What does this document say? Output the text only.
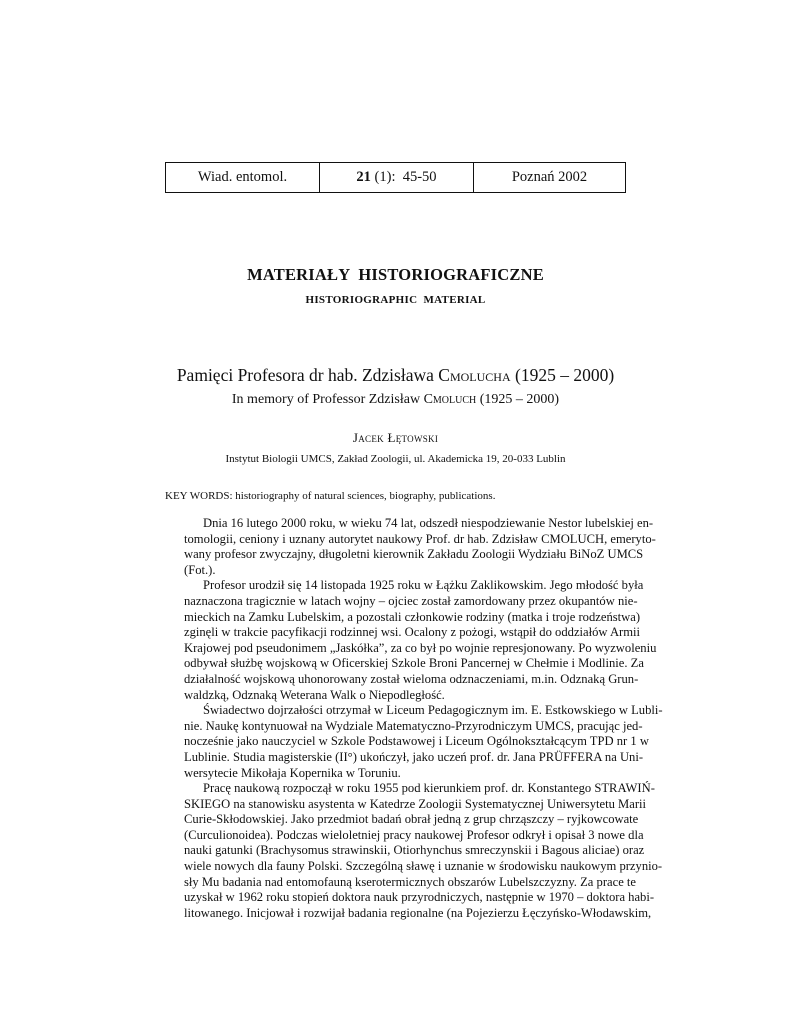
Wiad. entomol.	21 (1):  45-50	Poznań 2002
MATERIAŁY  HISTORIOGRAFICZNE
HISTORIOGRAPHIC  MATERIAL
Pamięci Profesora dr hab. Zdzisława Cmolucha (1925 – 2000)
In memory of Professor Zdzisław Cmoluch (1925 – 2000)
Jacek Łętowski
Instytut Biologii UMCS, Zakład Zoologii, ul. Akademicka 19, 20-033 Lublin
KEY WORDS: historiography of natural sciences, biography, publications.
Dnia 16 lutego 2000 roku, w wieku 74 lat, odszedł niespodziewanie Nestor lubelskiej en-
tomologii, ceniony i uznany autorytet naukowy Prof. dr hab. Zdzisław CMOLUCH, emeryto-
wany profesor zwyczajny, długoletni kierownik Zakładu Zoologii Wydziału BiNoZ UMCS
(Fot.).
Profesor urodził się 14 listopada 1925 roku w Łążku Zaklikowskim. Jego młodość była
naznaczona tragicznie w latach wojny – ojciec został zamordowany przez okupantów nie-
mieckich na Zamku Lubelskim, a pozostali członkowie rodziny (matka i troje rodzeństwa)
zginęli w trakcie pacyfikacji rodzinnej wsi. Ocalony z pożogi, wstąpił do oddziałów Armii
Krajowej pod pseudonimem „Jaskółka”, za co był po wojnie represjonowany. Po wyzwoleniu
odbywał służbę wojskową w Oficerskiej Szkole Broni Pancernej w Chełmie i Modlinie. Za
działalność wojskową uhonorowany został wieloma odznaczeniami, m.in. Odznaką Grun-
waldzką, Odznaką Weterana Walk o Niepodległość.
Świadectwo dojrzałości otrzymał w Liceum Pedagogicznym im. E. Estkowskiego w Lubli-
nie. Naukę kontynuował na Wydziale Matematyczno-Przyrodniczym UMCS, pracując jed-
nocześnie jako nauczyciel w Szkole Podstawowej i Liceum Ogólnokształcącym TPD nr 1 w
Lublinie. Studia magisterskie (II°) ukończył, jako uczeń prof. dr. Jana PRÜFFERA na Uni-
wersytecie Mikołaja Kopernika w Toruniu.
Pracę naukową rozpoczął w roku 1955 pod kierunkiem prof. dr. Konstantego STRAWIŃ-
SKIEGO na stanowisku asystenta w Katedrze Zoologii Systematycznej Uniwersytetu Marii
Curie-Skłodowskiej. Jako przedmiot badań obrał jedną z grup chrząszczy – ryjkowcowate
(Curculionoidea). Podczas wieloletniej pracy naukowej Profesor odkrył i opisał 3 nowe dla
nauki gatunki (Brachysomus strawinskii, Otiorhynchus smreczynskii i Bagous aliciae) oraz
wiele nowych dla fauny Polski. Szczególną sławę i uznanie w środowisku naukowym przynio-
sły Mu badania nad entomofauną kserotermicznych obszarów Lubelszczyzny. Za prace te
uzyskał w 1962 roku stopień doktora nauk przyrodniczych, następnie w 1970 – doktora habi-
litowanego. Inicjował i rozwijał badania regionalne (na Pojezierzu Łęczyńsko-Włodawskim,
